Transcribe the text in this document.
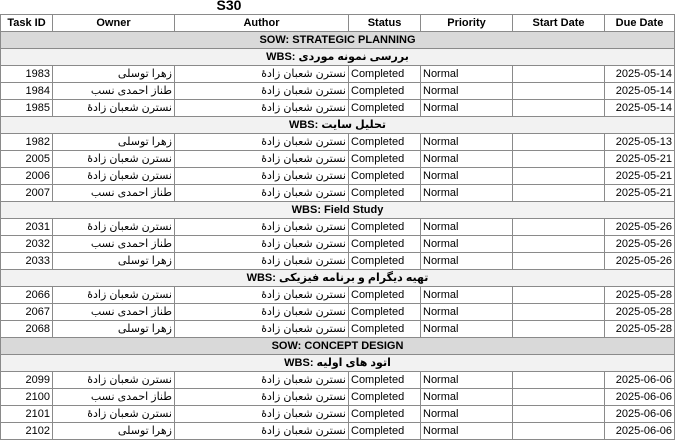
S30
Task ID	Owner	Author	Status	Priority	Start Date	Due Date
SOW: STRATEGIC PLANNING						
WBS: بررسی نمونه موردی						
1983	زهرا توسلی	نسترن شعبان زادهٔ	Completed	Normal		2025-05-14
1984	طناز احمدی نسب	نسترن شعبان زادهٔ	Completed	Normal		2025-05-14
1985	نسترن شعبان زادهٔ	نسترن شعبان زادهٔ	Completed	Normal		2025-05-14
WBS: تحلیل سایت						
1982	زهرا توسلی	نسترن شعبان زادهٔ	Completed	Normal		2025-05-13
2005	نسترن شعبان زادهٔ	نسترن شعبان زادهٔ	Completed	Normal		2025-05-21
2006	نسترن شعبان زادهٔ	نسترن شعبان زادهٔ	Completed	Normal		2025-05-21
2007	طناز احمدی نسب	نسترن شعبان زادهٔ	Completed	Normal		2025-05-21
WBS: Field Study						
2031	نسترن شعبان زادهٔ	نسترن شعبان زادهٔ	Completed	Normal		2025-05-26
2032	طناز احمدی نسب	نسترن شعبان زادهٔ	Completed	Normal		2025-05-26
2033	زهرا توسلی	نسترن شعبان زادهٔ	Completed	Normal		2025-05-26
WBS: تهیه دیگرام و برنامه فیزیکی						
2066	نسترن شعبان زادهٔ	نسترن شعبان زادهٔ	Completed	Normal		2025-05-28
2067	طناز احمدی نسب	نسترن شعبان زادهٔ	Completed	Normal		2025-05-28
2068	زهرا توسلی	نسترن شعبان زادهٔ	Completed	Normal		2025-05-28
SOW: CONCEPT DESIGN						
WBS: اتود های اولیه						
2099	نسترن شعبان زادهٔ	نسترن شعبان زادهٔ	Completed	Normal		2025-06-06
2100	طناز احمدی نسب	نسترن شعبان زادهٔ	Completed	Normal		2025-06-06
2101	نسترن شعبان زادهٔ	نسترن شعبان زادهٔ	Completed	Normal		2025-06-06
2102	زهرا توسلی	نسترن شعبان زادهٔ	Completed	Normal		2025-06-06
